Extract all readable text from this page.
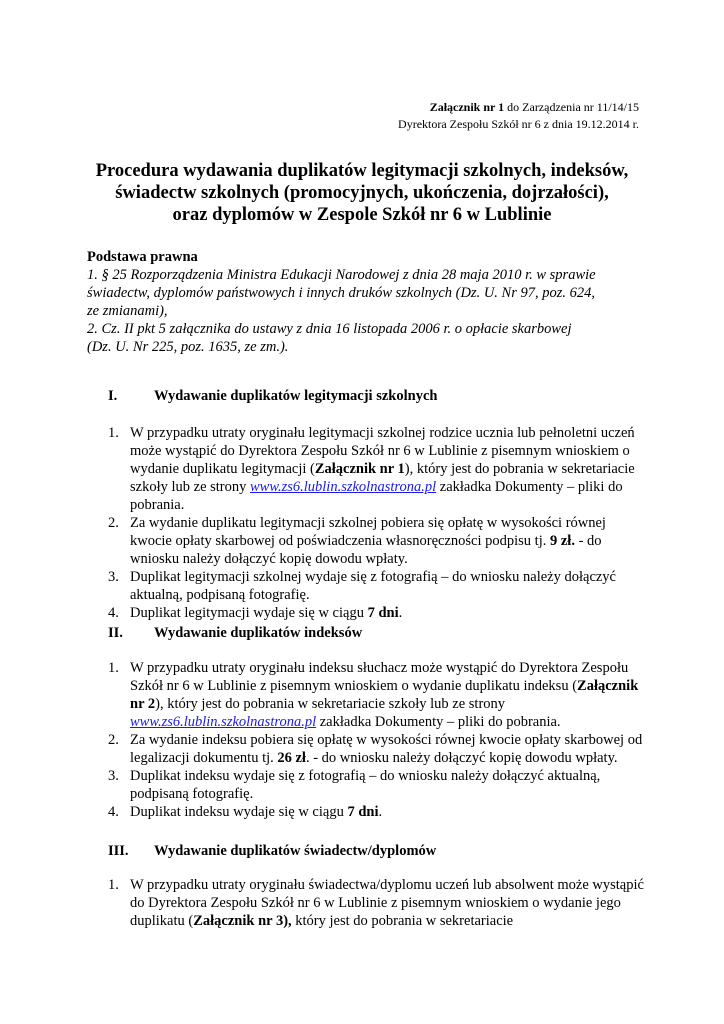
Załącznik nr 1 do Zarządzenia nr 11/14/15
Dyrektora Zespołu Szkół nr 6 z dnia 19.12.2014 r.
Procedura wydawania duplikatów legitymacji szkolnych, indeksów,
świadectw szkolnych (promocyjnych, ukończenia, dojrzałości),
oraz dyplomów w Zespole Szkół nr 6 w Lublinie
Podstawa prawna
1. § 25 Rozporządzenia Ministra Edukacji Narodowej z dnia 28 maja 2010 r. w sprawie
świadectw, dyplomów państwowych i innych druków szkolnych (Dz. U. Nr 97, poz. 624,
ze zmianami),
2. Cz. II pkt 5 załącznika do ustawy z dnia 16 listopada 2006 r. o opłacie skarbowej
(Dz. U. Nr 225, poz. 1635, ze zm.).
I.	Wydawanie duplikatów legitymacji szkolnych
1. W przypadku utraty oryginału legitymacji szkolnej rodzice ucznia lub pełnoletni uczeń może wystąpić do Dyrektora Zespołu Szkół nr 6 w Lublinie z pisemnym wnioskiem o wydanie duplikatu legitymacji (Załącznik nr 1), który jest do pobrania w sekretariacie szkoły lub ze strony www.zs6.lublin.szkolnastrona.pl zakładka Dokumenty – pliki do pobrania.
2. Za wydanie duplikatu legitymacji szkolnej pobiera się opłatę w wysokości równej kwocie opłaty skarbowej od poświadczenia własnoręczności podpisu tj. 9 zł. - do wniosku należy dołączyć kopię dowodu wpłaty.
3. Duplikat legitymacji szkolnej wydaje się z fotografią – do wniosku należy dołączyć aktualną, podpisaną fotografię.
4. Duplikat legitymacji wydaje się w ciągu 7 dni.
II. Wydawanie duplikatów indeksów
1. W przypadku utraty oryginału indeksu słuchacz może wystąpić do Dyrektora Zespołu Szkół nr 6 w Lublinie z pisemnym wnioskiem o wydanie duplikatu indeksu (Załącznik nr 2), który jest do pobrania w sekretariacie szkoły lub ze strony www.zs6.lublin.szkolnastrona.pl zakładka Dokumenty – pliki do pobrania.
2. Za wydanie indeksu pobiera się opłatę w wysokości równej kwocie opłaty skarbowej od legalizacji dokumentu tj. 26 zł. - do wniosku należy dołączyć kopię dowodu wpłaty.
3. Duplikat indeksu wydaje się z fotografią – do wniosku należy dołączyć aktualną, podpisaną fotografię.
4. Duplikat indeksu wydaje się w ciągu 7 dni.
III. Wydawanie duplikatów świadectw/dyplomów
1. W przypadku utraty oryginału świadectwa/dyplomu uczeń lub absolwent może wystąpić do Dyrektora Zespołu Szkół nr 6 w Lublinie z pisemnym wnioskiem o wydanie jego duplikatu (Załącznik nr 3), który jest do pobrania w sekretariacie
